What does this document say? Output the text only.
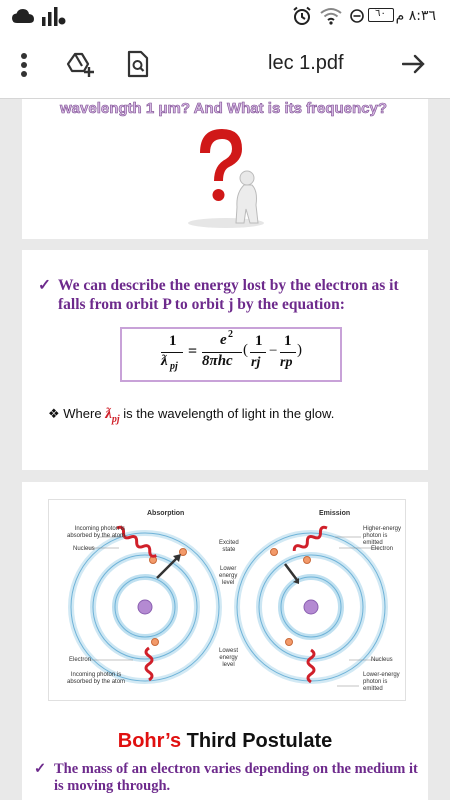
٦٠ ٨:٣٦ م
lec 1.pdf
wavelength 1 μm? And What is its frequency?
✓ We can describe the energy lost by the electron as it
falls from orbit P to orbit j by the equation:
1
ƛ pj
=
e 2
8πhc
(
1
rj
−
1
rp
)
❖ Where $ƛ_{pj}$ is the wavelength of light in the glow.
Absorption	Emission
Incoming photon is
absorbed by the atom
Nucleus
Excited
state
Lower
energy
level
Lowest
energy
level
Electron
Incoming photon is
absorbed by the atom
Higher-energy
photon is emitted
Electron
Nucleus
Lower-energy
photon is emitted
Bohr’s Third Postulate
✓ The mass of an electron varies depending on the medium it
is moving through.
